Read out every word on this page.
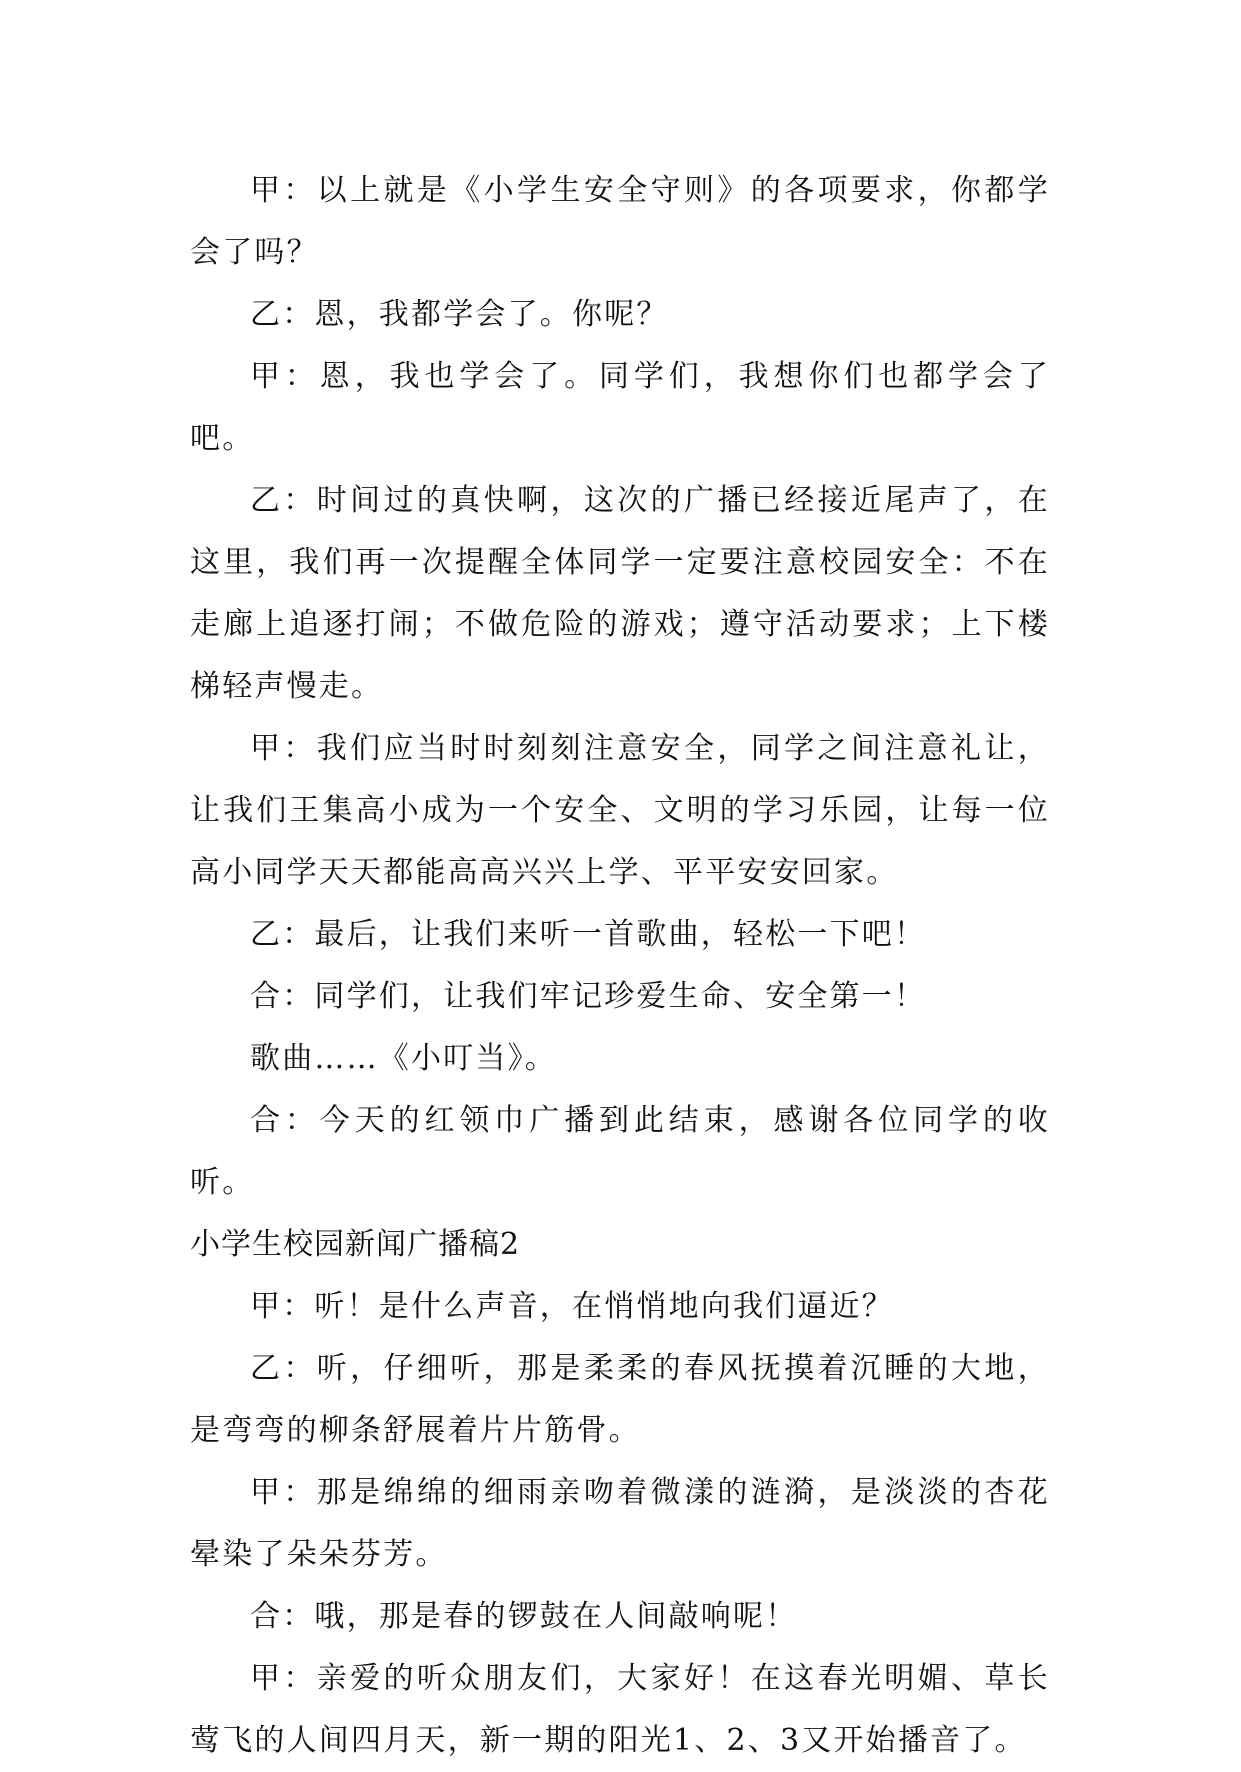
甲：以上就是《小学生安全守则》的各项要求，你都学会了吗？

乙：恩，我都学会了。你呢？

甲：恩，我也学会了。同学们，我想你们也都学会了吧。

乙：时间过的真快啊，这次的广播已经接近尾声了，在这里，我们再一次提醒全体同学一定要注意校园安全：不在走廊上追逐打闹；不做危险的游戏；遵守活动要求；上下楼梯轻声慢走。

甲：我们应当时时刻刻注意安全，同学之间注意礼让，让我们王集高小成为一个安全、文明的学习乐园，让每一位高小同学天天都能高高兴兴上学、平平安安回家。

乙：最后，让我们来听一首歌曲，轻松一下吧！

合：同学们，让我们牢记珍爱生命、安全第一！

歌曲……《小叮当》。

合：今天的红领巾广播到此结束，感谢各位同学的收听。

小学生校园新闻广播稿2

甲：听！是什么声音，在悄悄地向我们逼近？

乙：听，仔细听，那是柔柔的春风抚摸着沉睡的大地，是弯弯的柳条舒展着片片筋骨。

甲：那是绵绵的细雨亲吻着微漾的涟漪，是淡淡的杏花晕染了朵朵芬芳。

合：哦，那是春的锣鼓在人间敲响呢！

甲：亲爱的听众朋友们，大家好！在这春光明媚、草长莺飞的人间四月天，新一期的阳光1、2、3又开始播音了。
